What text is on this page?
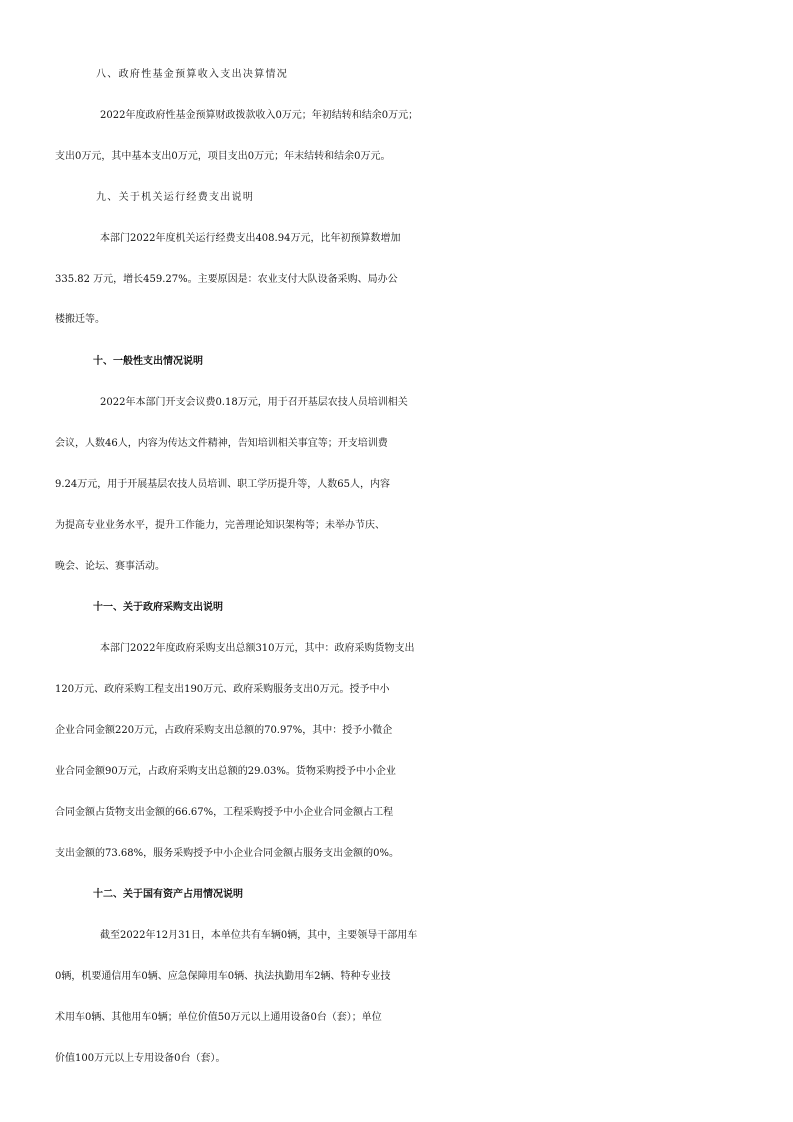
八、政府性基金预算收入支出决算情况
2022年度政府性基金预算财政拨款收入0万元；年初结转和结余0万元；
支出0万元，其中基本支出0万元，项目支出0万元；年末结转和结余0万元。
九、关于机关运行经费支出说明
本部门2022年度机关运行经费支出408.94万元，比年初预算数增加
335.82 万元，增长459.27%。主要原因是：农业支付大队设备采购、局办公
楼搬迁等。
十、一般性支出情况说明
2022年本部门开支会议费0.18万元，用于召开基层农技人员培训相关
会议，人数46人，内容为传达文件精神，告知培训相关事宜等；开支培训费
9.24万元，用于开展基层农技人员培训、职工学历提升等，人数65人，内容
为提高专业业务水平，提升工作能力，完善理论知识架构等；未举办节庆、
晚会、论坛、赛事活动。
十一、关于政府采购支出说明
本部门2022年度政府采购支出总额310万元，其中：政府采购货物支出
120万元、政府采购工程支出190万元、政府采购服务支出0万元。授予中小
企业合同金额220万元，占政府采购支出总额的70.97%，其中：授予小微企
业合同金额90万元，占政府采购支出总额的29.03%。货物采购授予中小企业
合同金额占货物支出金额的66.67%，工程采购授予中小企业合同金额占工程
支出金额的73.68%，服务采购授予中小企业合同金额占服务支出金额的0%。
十二、关于国有资产占用情况说明
截至2022年12月31日，本单位共有车辆0辆，其中，主要领导干部用车
0辆，机要通信用车0辆、应急保障用车0辆、执法执勤用车2辆、特种专业技
术用车0辆、其他用车0辆；单位价值50万元以上通用设备0台（套）；单位
价值100万元以上专用设备0台（套）。
